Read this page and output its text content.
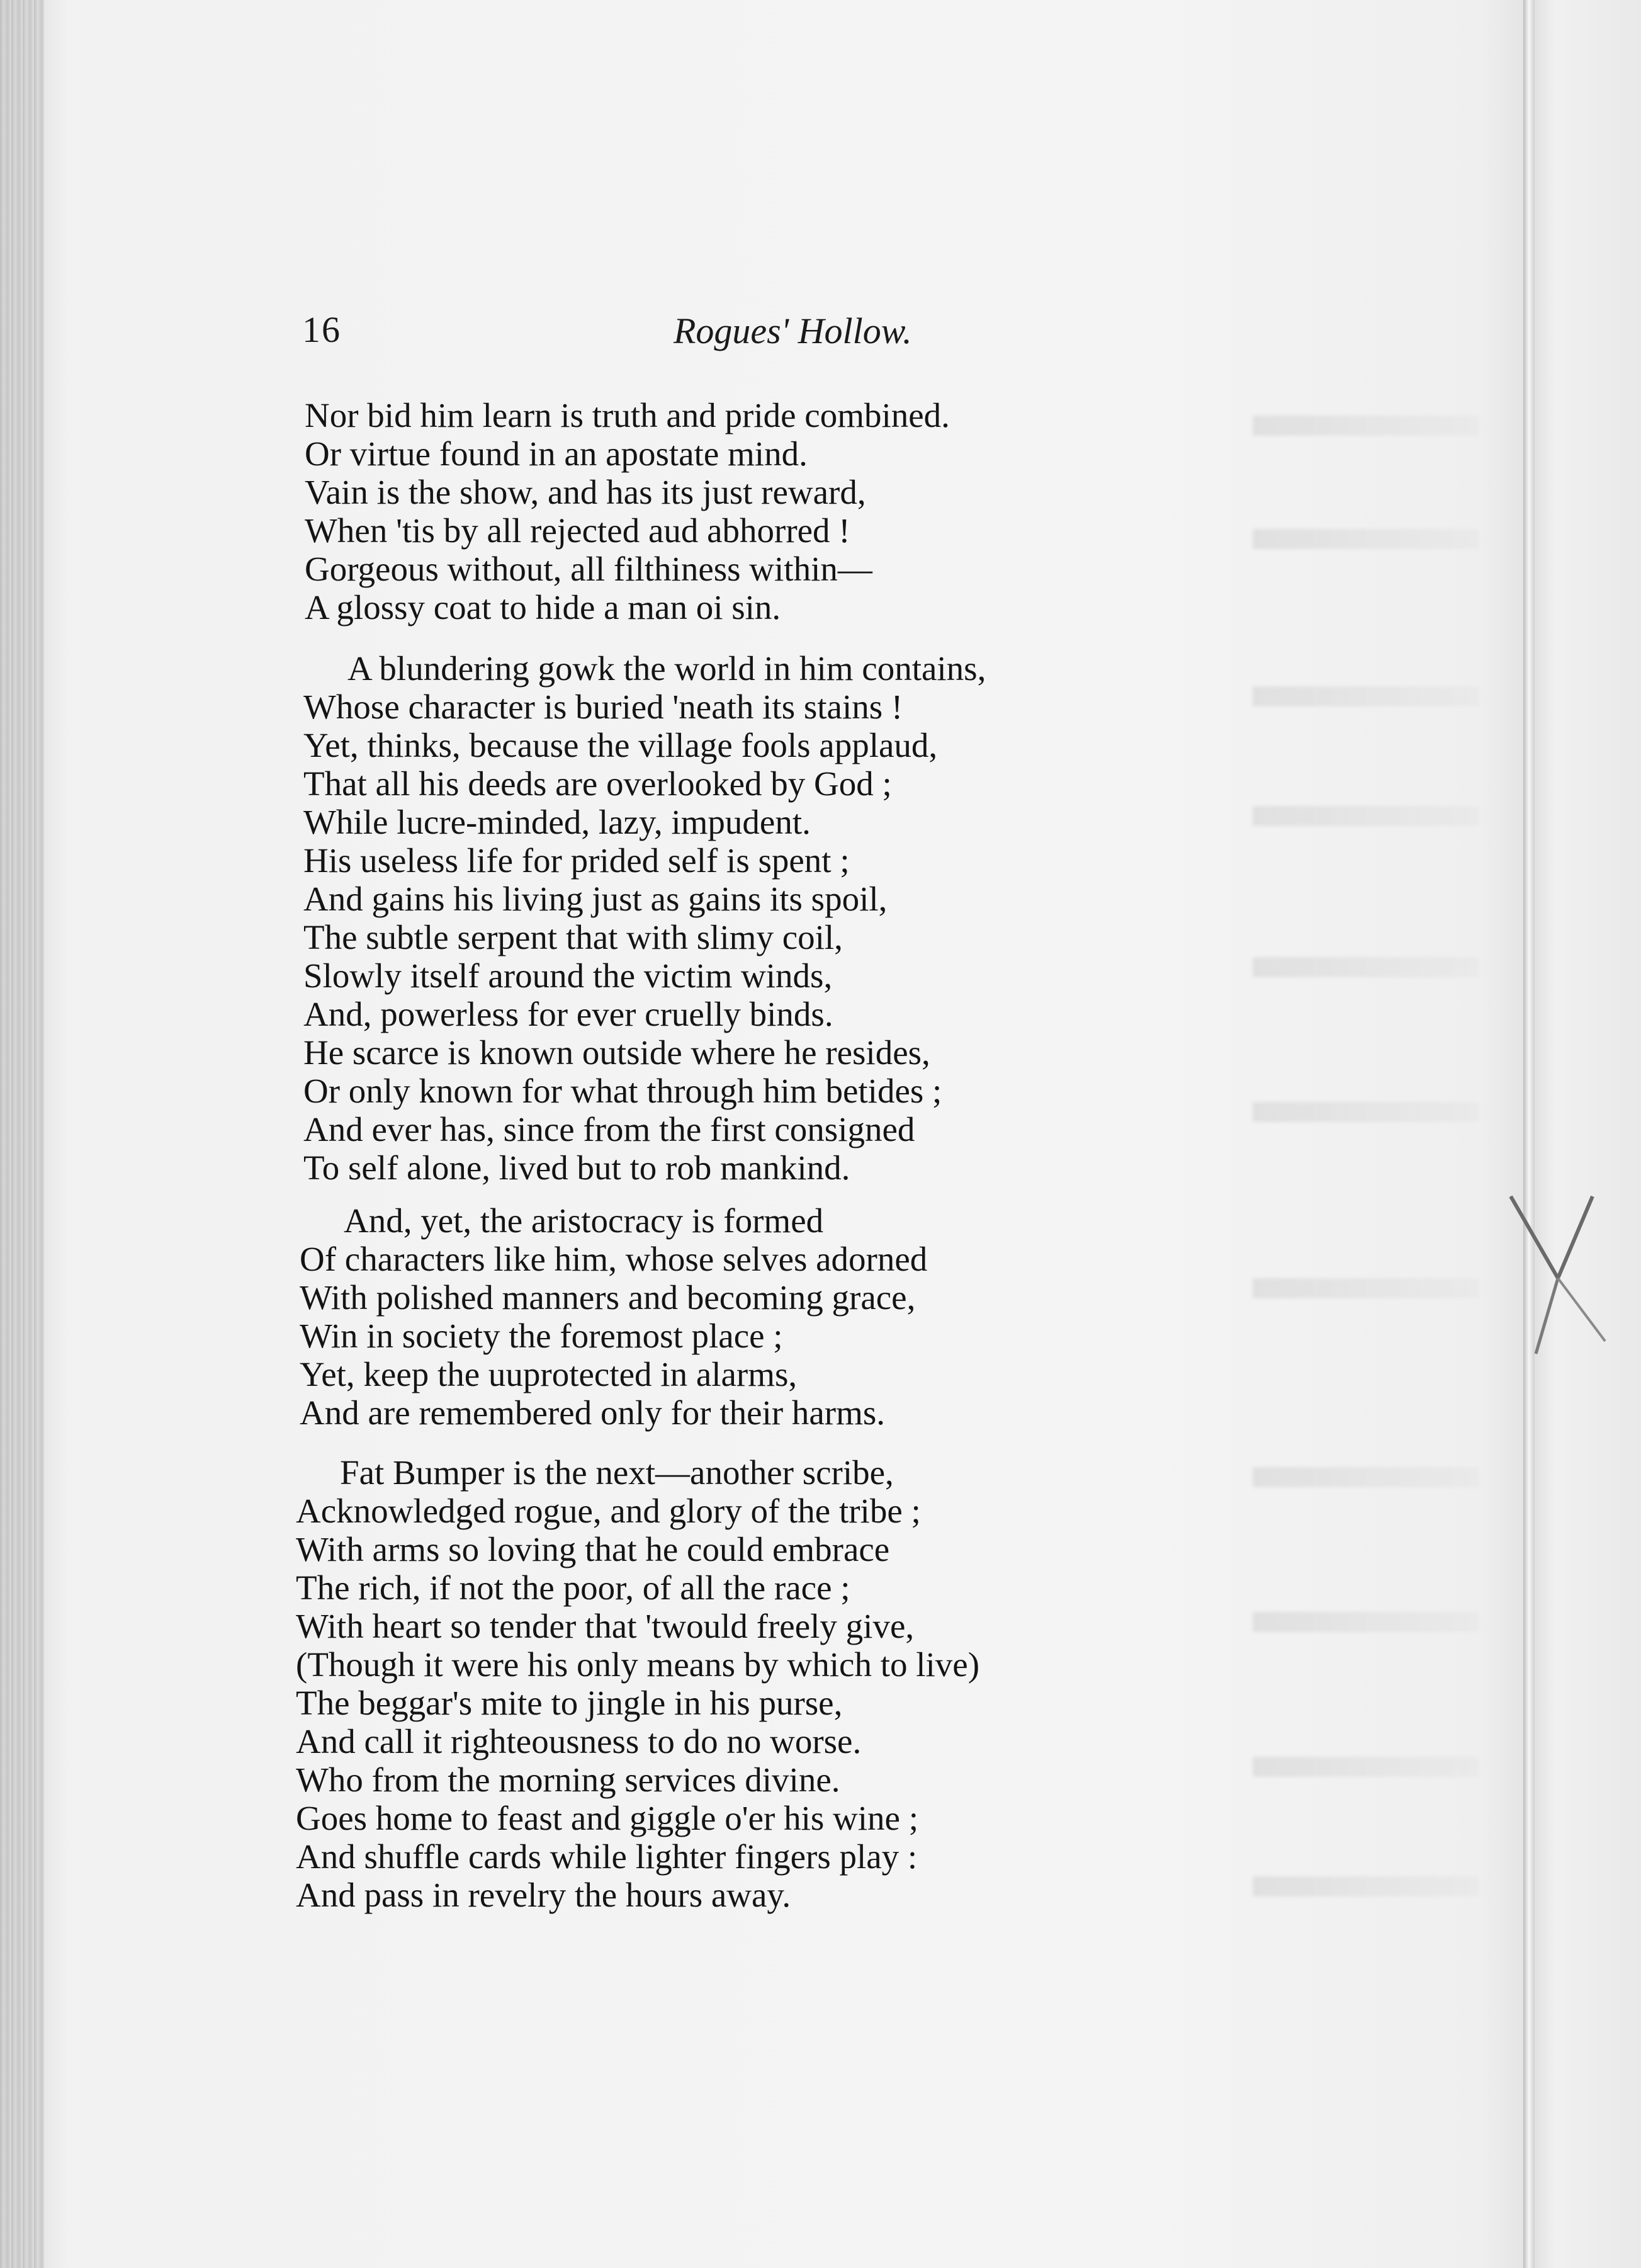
16	Rogues' Hollow.
Nor bid him learn is truth and pride combined.
Or virtue found in an apostate mind.
Vain is the show, and has its just reward,
When 'tis by all rejected aud abhorred !
Gorgeous without, all filthiness within—
A glossy coat to hide a man oi sin.
A blundering gowk the world in him contains,
Whose character is buried 'neath its stains !
Yet, thinks, because the village fools applaud,
That all his deeds are overlooked by God ;
While lucre-minded, lazy, impudent.
His useless life for prided self is spent ;
And gains his living just as gains its spoil,
The subtle serpent that with slimy coil,
Slowly itself around the victim winds,
And, powerless for ever cruelly binds.
He scarce is known outside where he resides,
Or only known for what through him betides ;
And ever has, since from the first consigned
To self alone, lived but to rob mankind.
And, yet, the aristocracy is formed
Of characters like him, whose selves adorned
With polished manners and becoming grace,
Win in society the foremost place ;
Yet, keep the uuprotected in alarms,
And are remembered only for their harms.
Fat Bumper is the next—another scribe,
Acknowledged rogue, and glory of the tribe ;
With arms so loving that he could embrace
The rich, if not the poor, of all the race ;
With heart so tender that 'twould freely give,
(Though it were his only means by which to live)
The beggar's mite to jingle in his purse,
And call it righteousness to do no worse.
Who from the morning services divine.
Goes home to feast and giggle o'er his wine ;
And shuffle cards while lighter fingers play :
And pass in revelry the hours away.
